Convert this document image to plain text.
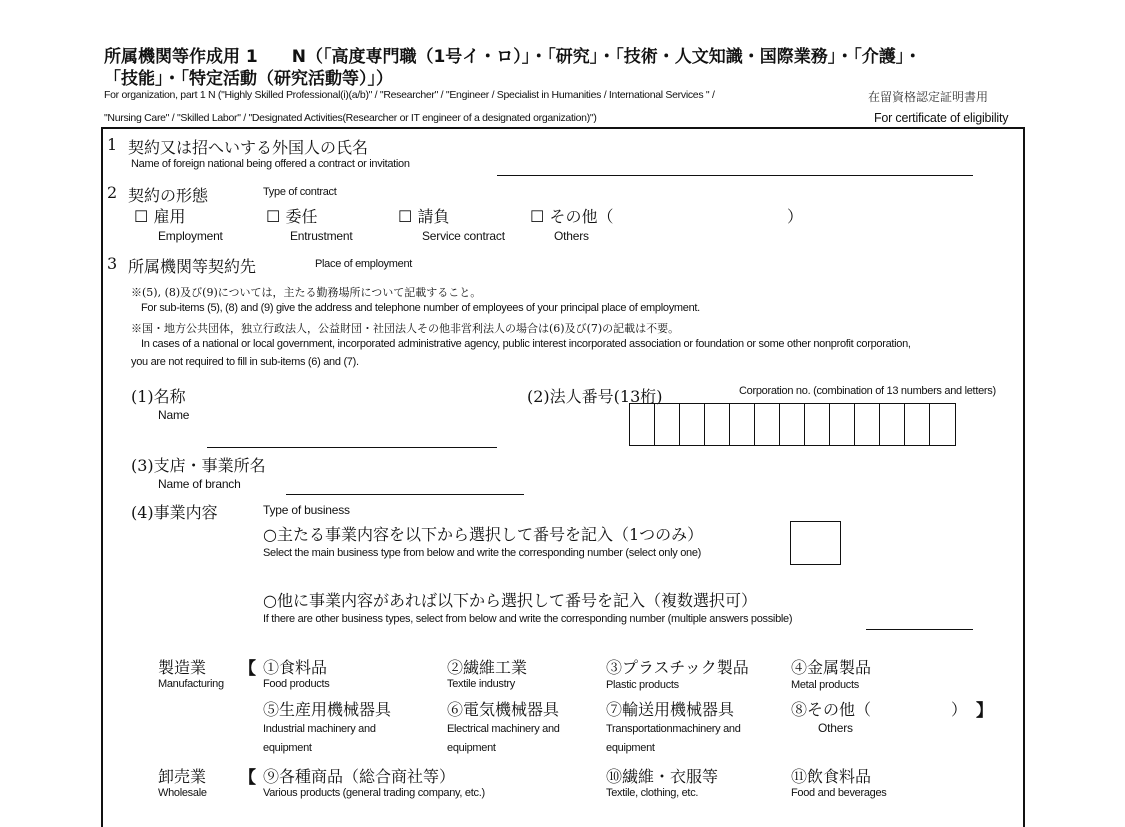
所属機関等作成用 1　　N（「高度専門職（1号イ・ロ）」・「研究」・「技術・人文知識・国際業務」・「介護」・
「技能」・「特定活動（研究活動等）」）
For organization, part 1 N ("Highly Skilled Professional(i)(a/b)" / "Researcher" / "Engineer / Specialist in Humanities / International Services " /	在留資格認定証明書用
"Nursing Care" / "Skilled Labor" / "Designated Activities(Researcher or IT engineer of a designated organization)")	For certificate of eligibility
1 契約又は招へいする外国人の氏名
Name of foreign national being offered a contract or invitation
2 契約の形態	Type of contract
☐ 雇用
Employment
☐ 委任
Entrustment
☐ 請負
Service contract
☐ その他（	）
Others
3 所属機関等契約先	Place of employment
※(5), (8)及び(9)については，主たる勤務場所について記載すること。
For sub-items (5), (8) and (9) give the address and telephone number of employees of your principal place of employment.
※国・地方公共団体，独立行政法人，公益財団・社団法人その他非営利法人の場合は(6)及び(7)の記載は不要。
In cases of a national or local government, incorporated administrative agency, public interest incorporated association or foundation or some other nonprofit corporation,
you are not required to fill in sub-items (6) and (7).
(1)名称
Name
(2)法人番号(13桁)	Corporation no. (combination of 13 numbers and letters)
(3)支店・事業所名
Name of branch
(4)事業内容	Type of business
○主たる事業内容を以下から選択して番号を記入（1つのみ）
Select the main business type from below and write the corresponding number (select only one)
○他に事業内容があれば以下から選択して番号を記入（複数選択可）
If there are other business types, select from below and write the corresponding number (multiple answers possible)
製造業
Manufacturing
【 ①食料品
Food products
②繊維工業
Textile industry
③プラスチック製品
Plastic products
④金属製品
Metal products
⑤生産用機械器具
Industrial machinery and
equipment
⑥電気機械器具
Electrical machinery and
equipment
⑦輸送用機械器具
Transportationmachinery and
equipment
⑧その他（	）
Others
】
卸売業
Wholesale
【 ⑨各種商品（総合商社等）
Various products (general trading company, etc.)
⑩繊維・衣服等
Textile, clothing, etc.
⑪飲食料品
Food and beverages
